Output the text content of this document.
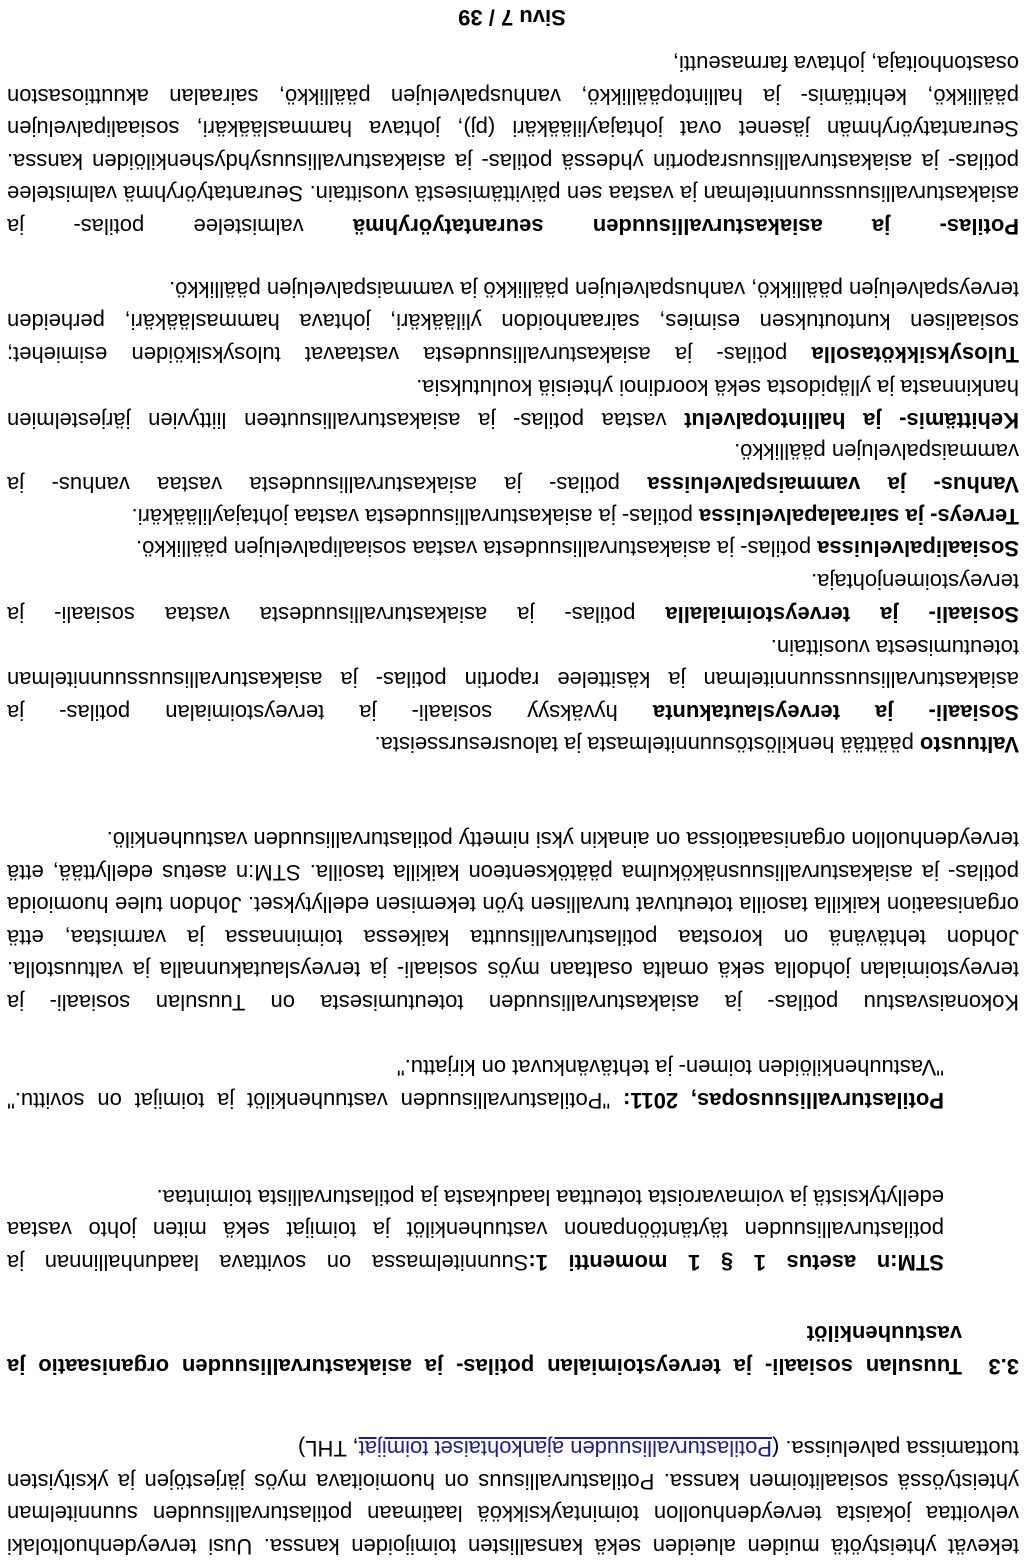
tekevät yhteistyötä muiden alueiden sekä kansallisten toimijoiden kanssa. Uusi terveydenhuoltolaki velvoittaa jokaista terveydenhuollon toimintayksikköä laatimaan potilasturvallisuuden suunnitelman yhteistyössä sosiaalitoimen kanssa. Potilasturvallisuus on huomioitava myös järjestöjen ja yksityisten tuottamissa palveluissa. (Potilasturvallisuuden ajankohtaiset toimijat, THL)

3.3
Tuusulan sosiaali- ja terveystoimialan potilas- ja asiakasturvallisuuden organisaatio ja vastuuhenkilöt

STM:n asetus 1 § 1 momentti 1:Suunnitelmassa on sovittava laadunhallinnan ja potilasturvallisuuden täytäntöönpanon vastuuhenkilöt ja toimijat sekä miten johto vastaa edellytyksistä ja voimavaroista toteuttaa laadukasta ja potilasturvallista toimintaa.

Potilasturvallisuusopas, 2011: "Potilasturvallisuuden vastuuhenkilöt ja toimijat on sovittu." "Vastuuhenkilöiden toimen- ja tehtävänkuvat on kirjattu."

Kokonaisvastuu potilas- ja asiakasturvallisuuden toteutumisesta on Tuusulan sosiaali- ja terveystoimialan johdolla sekä omalta osaltaan myös sosiaali- ja terveyslautakunnalla ja valtuustolla. Johdon tehtävänä on korostaa potilasturvallisuutta kaikessa toiminnassa ja varmistaa, että organisaation kaikilla tasoilla toteutuvat turvallisen työn tekemisen edellytykset. Johdon tulee huomioida potilas- ja asiakasturvallisuusnäkökulma päätöksenteon kaikilla tasoilla. STM:n asetus edellyttää, että terveydenhuollon organisaatioissa on ainakin yksi nimetty potilasturvallisuuden vastuuhenkilö.

Valtuusto päättää henkilöstösuunnitelmasta ja talousresursseista.

Sosiaali- ja terveyslautakunta hyväksyy sosiaali- ja terveystoimialan potilas- ja asiakasturvallisuussuunnitelman ja käsittelee raportin potilas- ja asiakasturvallisuussuunnitelman toteutumisesta vuosittain.

Sosiaali- ja terveystoimialalla potilas- ja asiakasturvallisuudesta vastaa sosiaali- ja terveystoimenjohtaja.

Sosiaalipalveluissa potilas- ja asiakasturvallisuudesta vastaa sosiaalipalvelujen päällikkö.

Terveys- ja sairaalapalveluissa potilas- ja asiakasturvallisuudesta vastaa johtajaylilääkäri.

Vanhus- ja vammaispalveluissa potilas- ja asiakasturvallisuudesta vastaa vanhus- ja vammaispalvelujen päällikkö.

Kehittämis- ja hallintopalvelut vastaa potilas- ja asiakasturvallisuuteen liittyvien järjestelmien hankinnasta ja ylläpidosta sekä koordinoi yhteisiä koulutuksia.

Tulosyksikkötasolla potilas- ja asiakasturvallisuudesta vastaavat tulosyksiköiden esimiehet; sosiaalisen kuntoutuksen esimies, sairaanhoidon ylilääkäri, johtava hammaslääkäri, perheiden terveyspalvelujen päällikkö, vanhuspalvelujen päällikkö ja vammaispalvelujen päällikkö.

Potilas- ja asiakasturvallisuuden seurantatyöryhmä valmistelee potilas- ja asiakasturvallisuussuunnitelman ja vastaa sen päivittämisestä vuosittain. Seurantatyöryhmä valmistelee potilas- ja asiakasturvallisuusraportin yhdessä potilas- ja asiakasturvallisuusyhdyshenkilöiden kanssa. Seurantatyöryhmän jäsenet ovat johtajaylilääkäri (pj), johtava hammaslääkäri, sosiaalipalvelujen päällikkö, kehittämis- ja hallintopäällikkö, vanhuspalvelujen päällikkö, sairaalan akuuttiosaston osastonhoitaja, johtava farmaseutti,

Sivu 7 / 39
